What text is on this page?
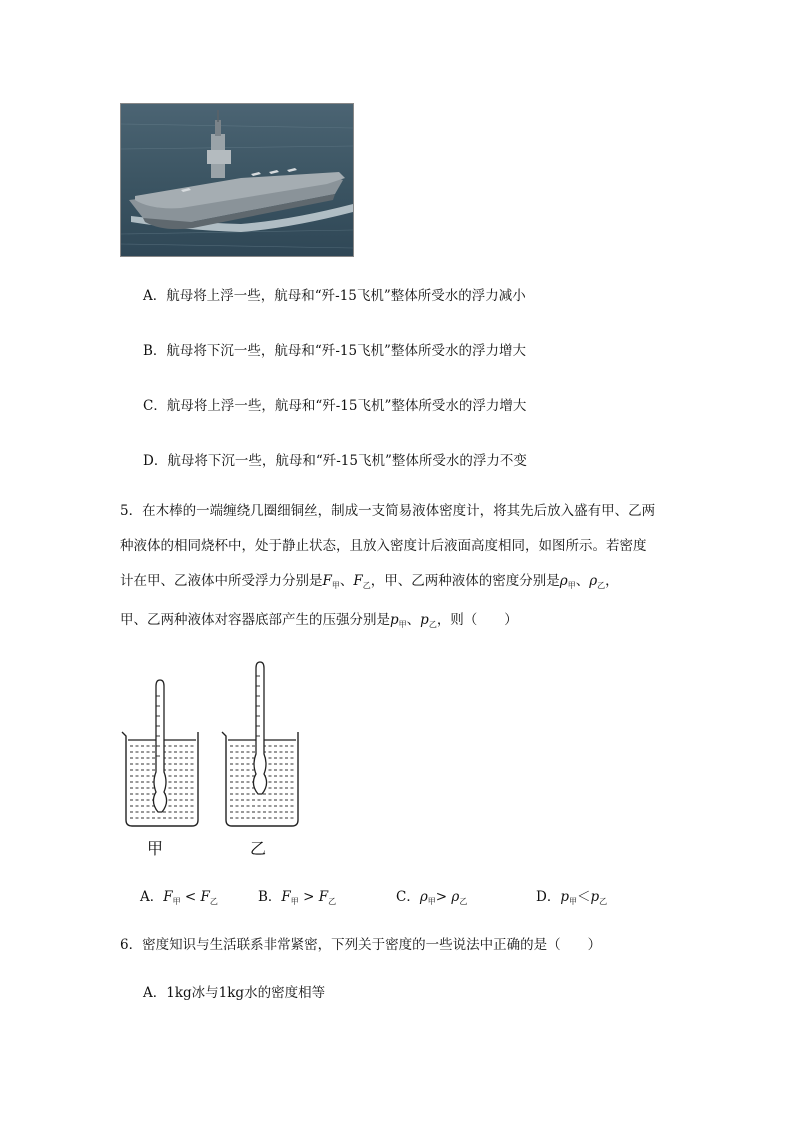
A．航母将上浮一些，航母和“歼-15飞机”整体所受水的浮力减小
B．航母将下沉一些，航母和“歼-15飞机”整体所受水的浮力增大
C．航母将上浮一些，航母和“歼-15飞机”整体所受水的浮力增大
D．航母将下沉一些，航母和“歼-15飞机”整体所受水的浮力不变
5．在木棒的一端缠绕几圈细铜丝，制成一支简易液体密度计，将其先后放入盛有甲、乙两
种液体的相同烧杯中，处于静止状态，且放入密度计后液面高度相同，如图所示。若密度
计在甲、乙液体中所受浮力分别是$F_甲$、$F_乙$，甲、乙两种液体的密度分别是$\rho_甲$、$\rho_乙$，
甲、乙两种液体对容器底部产生的压强分别是$p_甲$、$p_乙$，则（　　）
甲	乙
A．$F_甲 < F_乙$	B．$F_甲 > F_乙$	C．$\rho_甲> \rho_乙$	D．$p_甲<p_乙$
6．密度知识与生活联系非常紧密，下列关于密度的一些说法中正确的是（　　）
A．1kg冰与1kg水的密度相等
